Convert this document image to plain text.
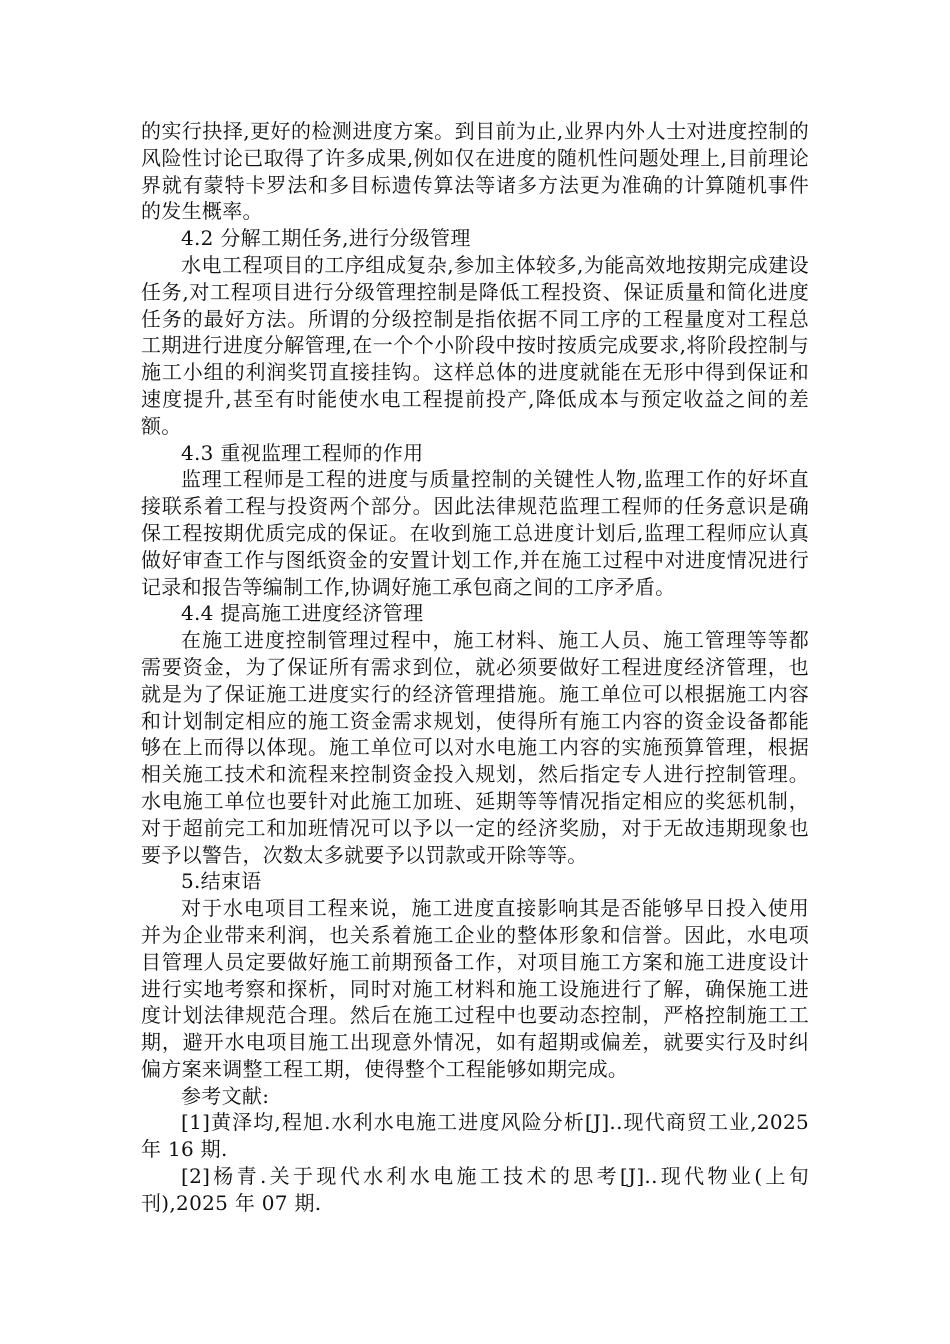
的实行抉择,更好的检测进度方案。到目前为止,业界内外人士对进度控制的风险性讨论已取得了许多成果,例如仅在进度的随机性问题处理上,目前理论界就有蒙特卡罗法和多目标遗传算法等诸多方法更为准确的计算随机事件的发生概率。

4.2 分解工期任务,进行分级管理

水电工程项目的工序组成复杂,参加主体较多,为能高效地按期完成建设任务,对工程项目进行分级管理控制是降低工程投资、保证质量和简化进度任务的最好方法。所谓的分级控制是指依据不同工序的工程量度对工程总工期进行进度分解管理,在一个个小阶段中按时按质完成要求,将阶段控制与施工小组的利润奖罚直接挂钩。这样总体的进度就能在无形中得到保证和速度提升,甚至有时能使水电工程提前投产,降低成本与预定收益之间的差额。

4.3 重视监理工程师的作用

监理工程师是工程的进度与质量控制的关键性人物,监理工作的好坏直接联系着工程与投资两个部分。因此法律规范监理工程师的任务意识是确保工程按期优质完成的保证。在收到施工总进度计划后,监理工程师应认真做好审查工作与图纸资金的安置计划工作,并在施工过程中对进度情况进行记录和报告等编制工作,协调好施工承包商之间的工序矛盾。

4.4 提高施工进度经济管理

在施工进度控制管理过程中，施工材料、施工人员、施工管理等等都需要资金，为了保证所有需求到位，就必须要做好工程进度经济管理，也就是为了保证施工进度实行的经济管理措施。施工单位可以根据施工内容和计划制定相应的施工资金需求规划，使得所有施工内容的资金设备都能够在上而得以体现。施工单位可以对水电施工内容的实施预算管理，根据相关施工技术和流程来控制资金投入规划，然后指定专人进行控制管理。水电施工单位也要针对此施工加班、延期等等情况指定相应的奖惩机制，对于超前完工和加班情况可以予以一定的经济奖励，对于无故违期现象也要予以警告，次数太多就要予以罚款或开除等等。

5.结束语

对于水电项目工程来说，施工进度直接影响其是否能够早日投入使用并为企业带来利润，也关系着施工企业的整体形象和信誉。因此，水电项目管理人员定要做好施工前期预备工作，对项目施工方案和施工进度设计进行实地考察和探析，同时对施工材料和施工设施进行了解，确保施工进度计划法律规范合理。然后在施工过程中也要动态控制，严格控制施工工期，避开水电项目施工出现意外情况，如有超期或偏差，就要实行及时纠偏方案来调整工程工期，使得整个工程能够如期完成。

参考文献:

[1]黄泽均,程旭.水利水电施工进度风险分析[J]..现代商贸工业,2025 年 16 期.

[2]杨青.关于现代水利水电施工技术的思考[J]..现代物业(上旬刊),2025 年 07 期.
